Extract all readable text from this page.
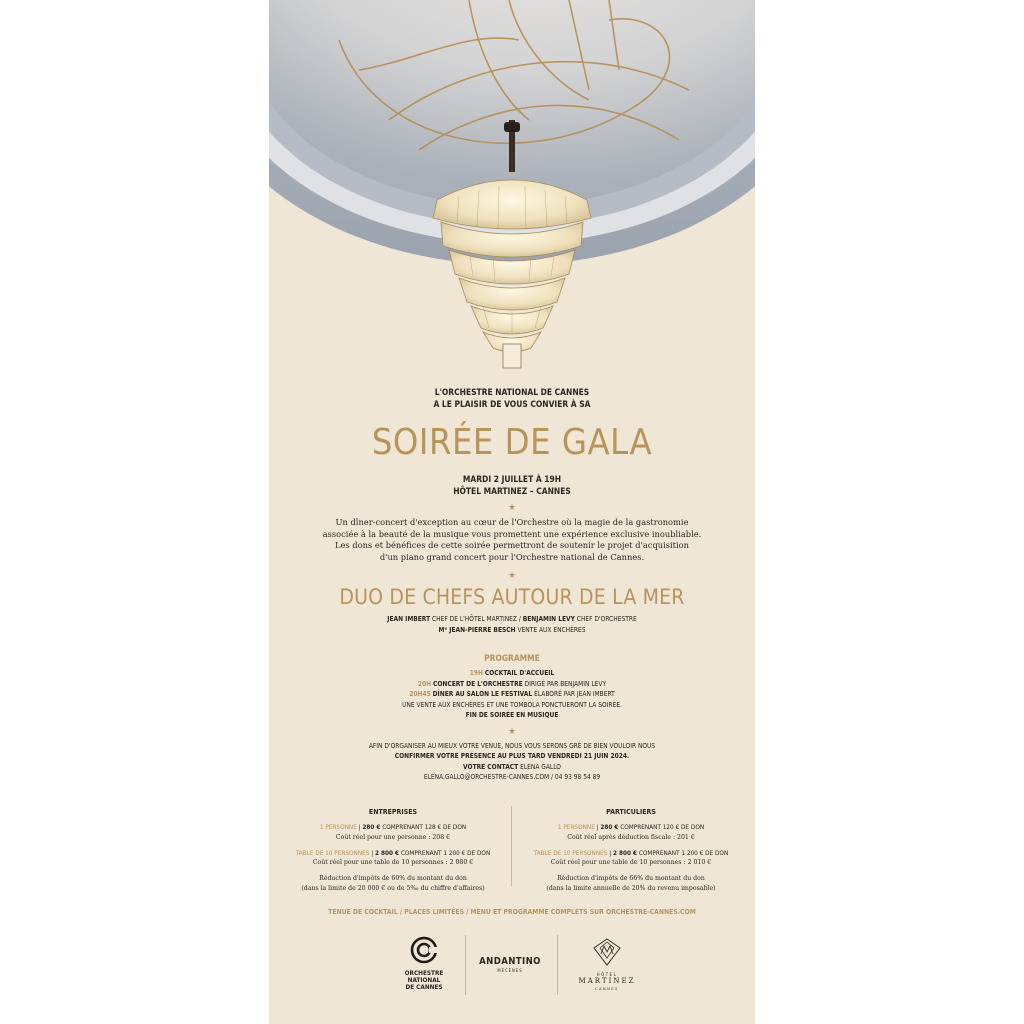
L'ORCHESTRE NATIONAL DE CANNES
A LE PLAISIR DE VOUS CONVIER À SA
SOIRÉE DE GALA
MARDI 2 JUILLET À 19H
HÔTEL MARTINEZ – CANNES
★
Un dîner-concert d'exception au cœur de l'Orchestre où la magie de la gastronomie
associée à la beauté de la musique vous promettent une expérience exclusive inoubliable.
Les dons et bénéfices de cette soirée permettront de soutenir le projet d'acquisition
d'un piano grand concert pour l'Orchestre national de Cannes.
★
DUO DE CHEFS AUTOUR DE LA MER
JEAN IMBERT CHEF DE L'HÔTEL MARTINEZ / BENJAMIN LEVY CHEF D'ORCHESTRE
Mᵉ JEAN-PIERRE BESCH VENTE AUX ENCHÈRES
PROGRAMME
19H COCKTAIL D'ACCUEIL
20H CONCERT DE L'ORCHESTRE DIRIGÉ PAR BENJAMIN LEVY
20H45 DÎNER AU SALON LE FESTIVAL ÉLABORÉ PAR JEAN IMBERT
UNE VENTE AUX ENCHÈRES ET UNE TOMBOLA PONCTUERONT LA SOIRÉE.
FIN DE SOIRÉE EN MUSIQUE
★
AFIN D'ORGANISER AU MIEUX VOTRE VENUE, NOUS VOUS SERONS GRÉ DE BIEN VOULOIR NOUS
CONFIRMER VOTRE PRÉSENCE AU PLUS TARD VENDREDI 21 JUIN 2024.
VOTRE CONTACT ELENA GALLO
ELENA.GALLO@ORCHESTRE-CANNES.COM / 04 93 98 54 89
ENTREPRISES
1 PERSONNE | 280 € COMPRENANT 128 € DE DON
Coût réel pour une personne : 208 €
TABLE DE 10 PERSONNES | 2 800 € COMPRENANT 1 200 € DE DON
Coût réel pour une table de 10 personnes : 2 080 €
Réduction d'impôts de 60% du montant du don
(dans la limite de 20 000 € ou de 5‰ du chiffre d'affaires)
PARTICULIERS
1 PERSONNE | 280 € COMPRENANT 120 € DE DON
Coût réel après déduction fiscale : 201 €
TABLE DE 10 PERSONNES | 2 800 € COMPRENANT 1 200 € DE DON
Coût réel pour une table de 10 personnes : 2 010 €
Réduction d'impôts de 66% du montant du don
(dans la limite annuelle de 20% du revenu imposable)
TENUE DE COCKTAIL / PLACES LIMITÉES / MENU ET PROGRAMME COMPLETS SUR ORCHESTRE-CANNES.COM
ORCHESTRE
NATIONAL
DE CANNES
ANDANTINO
MÉCÈNES
HÔTEL
MARTINEZ
CANNES
